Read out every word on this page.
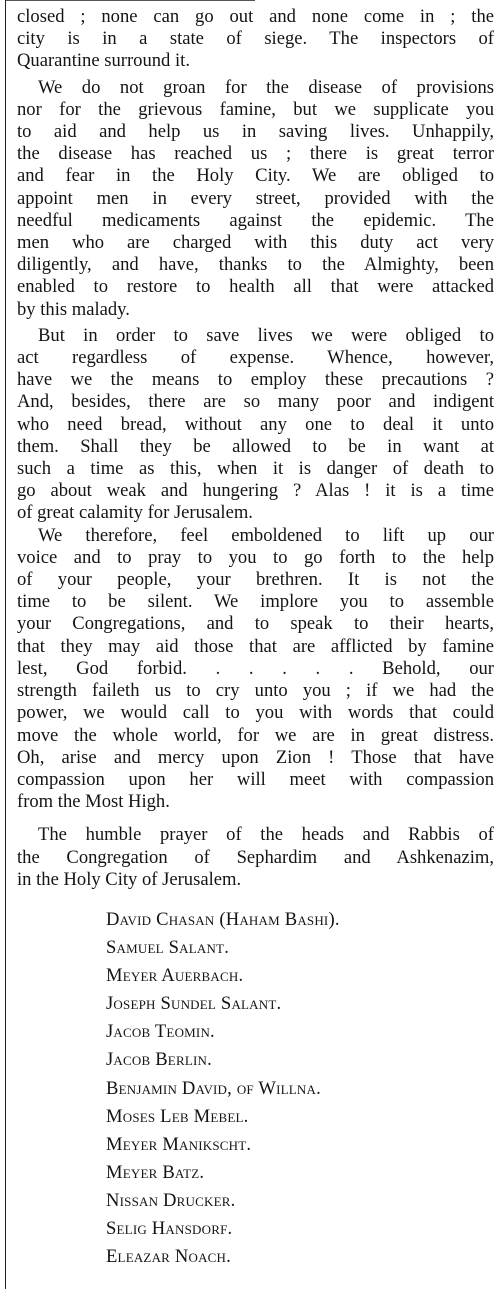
closed ; none can go out and none come in ; the
city is in a state of siege. The inspectors of
Quarantine surround it.
We do not groan for the disease of provisions
nor for the grievous famine, but we supplicate you
to aid and help us in saving lives. Unhappily,
the disease has reached us ; there is great terror
and fear in the Holy City. We are obliged to
appoint men in every street, provided with the
needful medicaments against the epidemic. The
men who are charged with this duty act very
diligently, and have, thanks to the Almighty, been
enabled to restore to health all that were attacked
by this malady.
But in order to save lives we were obliged to
act regardless of expense. Whence, however,
have we the means to employ these precautions ?
And, besides, there are so many poor and indigent
who need bread, without any one to deal it unto
them. Shall they be allowed to be in want at
such a time as this, when it is danger of death to
go about weak and hungering ? Alas ! it is a time
of great calamity for Jerusalem.
We therefore, feel emboldened to lift up our
voice and to pray to you to go forth to the help
of your people, your brethren. It is not the
time to be silent. We implore you to assemble
your Congregations, and to speak to their hearts,
that they may aid those that are afflicted by famine
lest, God forbid. . . . . . Behold, our
strength faileth us to cry unto you ; if we had the
power, we would call to you with words that could
move the whole world, for we are in great distress.
Oh, arise and mercy upon Zion ! Those that have
compassion upon her will meet with compassion
from the Most High.
The humble prayer of the heads and Rabbis of
the Congregation of Sephardim and Ashkenazim,
in the Holy City of Jerusalem.
David Chasan (Haham Bashi).
Samuel Salant.
Meyer Auerbach.
Joseph Sundel Salant.
Jacob Teomin.
Jacob Berlin.
Benjamin David, of Willna.
Moses Leb Mebel.
Meyer Manikscht.
Meyer Batz.
Nissan Drucker.
Selig Hansdorf.
Eleazar Noach.
